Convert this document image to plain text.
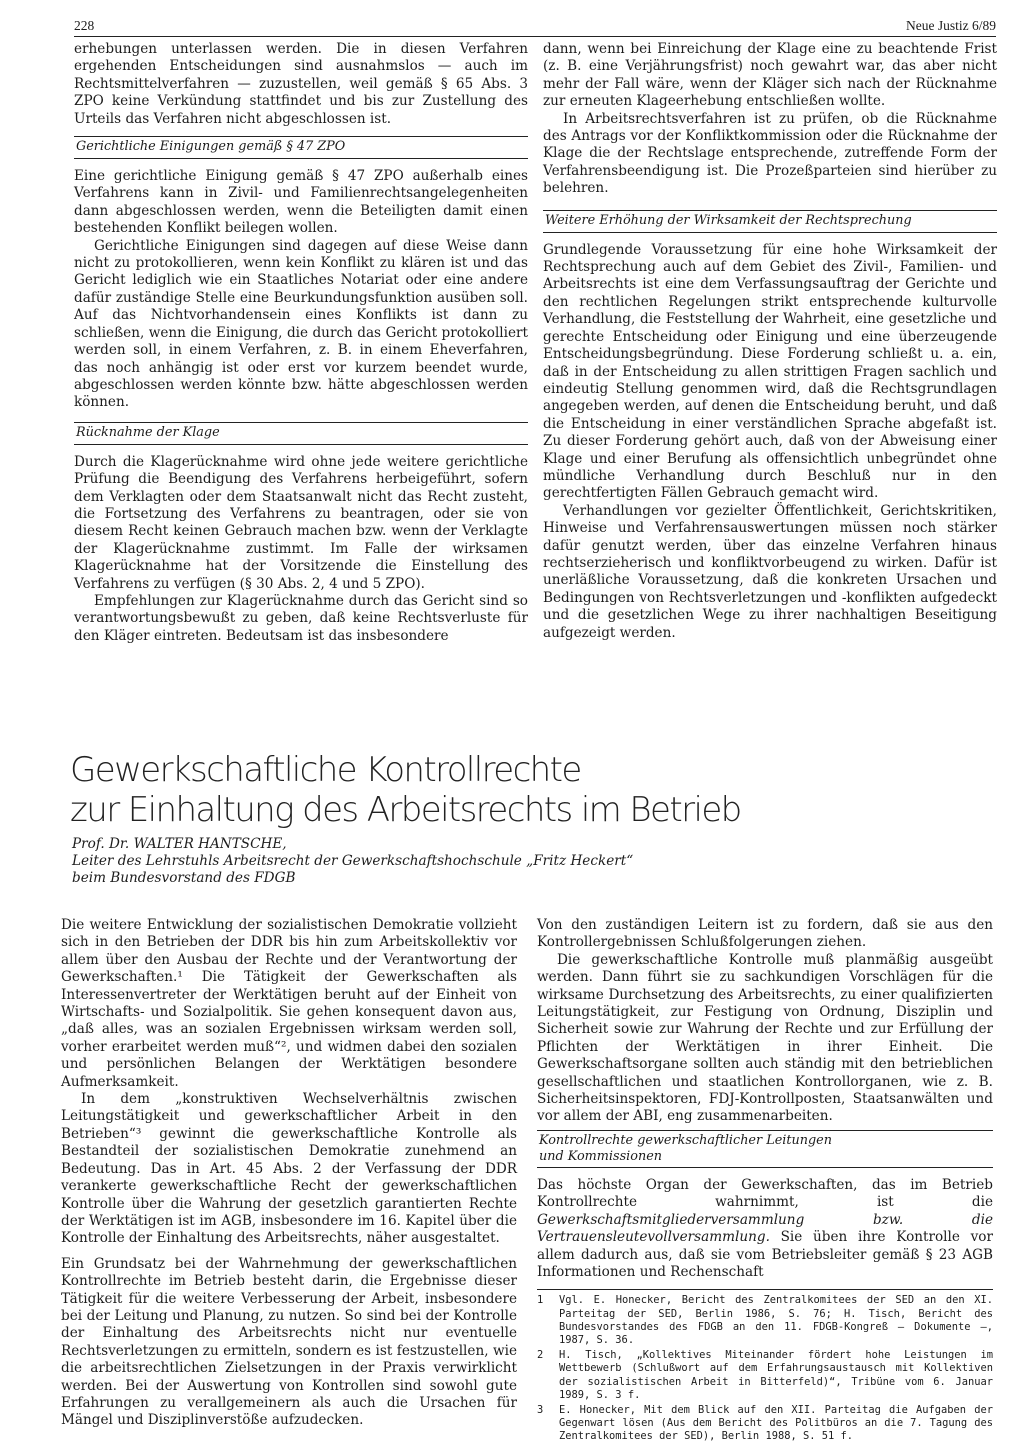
228	Neue Justiz 6/89

erhebungen unterlassen werden. Die in diesen Verfahren ergehenden Entscheidungen sind ausnahmslos — auch im Rechtsmittelverfahren — zuzustellen, weil gemäß § 65 Abs. 3 ZPO keine Verkündung stattfindet und bis zur Zustellung des Urteils das Verfahren nicht abgeschlossen ist.

Gerichtliche Einigungen gemäß § 47 ZPO

Eine gerichtliche Einigung gemäß § 47 ZPO außerhalb eines Verfahrens kann in Zivil- und Familienrechtsangelegenheiten dann abgeschlossen werden, wenn die Beteiligten damit einen bestehenden Konflikt beilegen wollen.

Gerichtliche Einigungen sind dagegen auf diese Weise dann nicht zu protokollieren, wenn kein Konflikt zu klären ist und das Gericht lediglich wie ein Staatliches Notariat oder eine andere dafür zuständige Stelle eine Beurkundungsfunktion ausüben soll. Auf das Nichtvorhandensein eines Konflikts ist dann zu schließen, wenn die Einigung, die durch das Gericht protokolliert werden soll, in einem Verfahren, z. B. in einem Eheverfahren, das noch anhängig ist oder erst vor kurzem beendet wurde, abgeschlossen werden könnte bzw. hätte abgeschlossen werden können.

Rücknahme der Klage

Durch die Klagerücknahme wird ohne jede weitere gerichtliche Prüfung die Beendigung des Verfahrens herbeigeführt, sofern dem Verklagten oder dem Staatsanwalt nicht das Recht zusteht, die Fortsetzung des Verfahrens zu beantragen, oder sie von diesem Recht keinen Gebrauch machen bzw. wenn der Verklagte der Klagerücknahme zustimmt. Im Falle der wirksamen Klagerücknahme hat der Vorsitzende die Einstellung des Verfahrens zu verfügen (§ 30 Abs. 2, 4 und 5 ZPO).

Empfehlungen zur Klagerücknahme durch das Gericht sind so verantwortungsbewußt zu geben, daß keine Rechtsverluste für den Kläger eintreten. Bedeutsam ist das insbesondere

dann, wenn bei Einreichung der Klage eine zu beachtende Frist (z. B. eine Verjährungsfrist) noch gewahrt war, das aber nicht mehr der Fall wäre, wenn der Kläger sich nach der Rücknahme zur erneuten Klageerhebung entschließen wollte.

In Arbeitsrechtsverfahren ist zu prüfen, ob die Rücknahme des Antrags vor der Konfliktkommission oder die Rücknahme der Klage die der Rechtslage entsprechende, zutreffende Form der Verfahrensbeendigung ist. Die Prozeßparteien sind hierüber zu belehren.

Weitere Erhöhung der Wirksamkeit der Rechtsprechung

Grundlegende Voraussetzung für eine hohe Wirksamkeit der Rechtsprechung auch auf dem Gebiet des Zivil-, Familien- und Arbeitsrechts ist eine dem Verfassungsauftrag der Gerichte und den rechtlichen Regelungen strikt entsprechende kulturvolle Verhandlung, die Feststellung der Wahrheit, eine gesetzliche und gerechte Entscheidung oder Einigung und eine überzeugende Entscheidungsbegründung. Diese Forderung schließt u. a. ein, daß in der Entscheidung zu allen strittigen Fragen sachlich und eindeutig Stellung genommen wird, daß die Rechtsgrundlagen angegeben werden, auf denen die Entscheidung beruht, und daß die Entscheidung in einer verständlichen Sprache abgefaßt ist. Zu dieser Forderung gehört auch, daß von der Abweisung einer Klage und einer Berufung als offensichtlich unbegründet ohne mündliche Verhandlung durch Beschluß nur in den gerechtfertigten Fällen Gebrauch gemacht wird.

Verhandlungen vor gezielter Öffentlichkeit, Gerichtskritiken, Hinweise und Verfahrensauswertungen müssen noch stärker dafür genutzt werden, über das einzelne Verfahren hinaus rechtserzieherisch und konfliktvorbeugend zu wirken. Dafür ist unerläßliche Voraussetzung, daß die konkreten Ursachen und Bedingungen von Rechtsverletzungen und -konflikten aufgedeckt und die gesetzlichen Wege zu ihrer nachhaltigen Beseitigung aufgezeigt werden.

Gewerkschaftliche Kontrollrechte
zur Einhaltung des Arbeitsrechts im Betrieb
Prof. Dr. WALTER HANTSCHE,
Leiter des Lehrstuhls Arbeitsrecht der Gewerkschaftshochschule „Fritz Heckert“
beim Bundesvorstand des FDGB

Die weitere Entwicklung der sozialistischen Demokratie vollzieht sich in den Betrieben der DDR bis hin zum Arbeitskollektiv vor allem über den Ausbau der Rechte und der Verantwortung der Gewerkschaften.¹ Die Tätigkeit der Gewerkschaften als Interessenvertreter der Werktätigen beruht auf der Einheit von Wirtschafts- und Sozialpolitik. Sie gehen konsequent davon aus, „daß alles, was an sozialen Ergebnissen wirksam werden soll, vorher erarbeitet werden muß“², und widmen dabei den sozialen und persönlichen Belangen der Werktätigen besondere Aufmerksamkeit.

In dem „konstruktiven Wechselverhältnis zwischen Leitungstätigkeit und gewerkschaftlicher Arbeit in den Betrieben“³ gewinnt die gewerkschaftliche Kontrolle als Bestandteil der sozialistischen Demokratie zunehmend an Bedeutung. Das in Art. 45 Abs. 2 der Verfassung der DDR verankerte gewerkschaftliche Recht der gewerkschaftlichen Kontrolle über die Wahrung der gesetzlich garantierten Rechte der Werktätigen ist im AGB, insbesondere im 16. Kapitel über die Kontrolle der Einhaltung des Arbeitsrechts, näher ausgestaltet.

Ein Grundsatz bei der Wahrnehmung der gewerkschaftlichen Kontrollrechte im Betrieb besteht darin, die Ergebnisse dieser Tätigkeit für die weitere Verbesserung der Arbeit, insbesondere bei der Leitung und Planung, zu nutzen. So sind bei der Kontrolle der Einhaltung des Arbeitsrechts nicht nur eventuelle Rechtsverletzungen zu ermitteln, sondern es ist festzustellen, wie die arbeitsrechtlichen Zielsetzungen in der Praxis verwirklicht werden. Bei der Auswertung von Kontrollen sind sowohl gute Erfahrungen zu verallgemeinern als auch die Ursachen für Mängel und Disziplinverstöße aufzudecken.

Von den zuständigen Leitern ist zu fordern, daß sie aus den Kontrollergebnissen Schlußfolgerungen ziehen.

Die gewerkschaftliche Kontrolle muß planmäßig ausgeübt werden. Dann führt sie zu sachkundigen Vorschlägen für die wirksame Durchsetzung des Arbeitsrechts, zu einer qualifizierten Leitungstätigkeit, zur Festigung von Ordnung, Disziplin und Sicherheit sowie zur Wahrung der Rechte und zur Erfüllung der Pflichten der Werktätigen in ihrer Einheit. Die Gewerkschaftsorgane sollten auch ständig mit den betrieblichen gesellschaftlichen und staatlichen Kontrollorganen, wie z. B. Sicherheitsinspektoren, FDJ-Kontrollposten, Staatsanwälten und vor allem der ABI, eng zusammenarbeiten.

Kontrollrechte gewerkschaftlicher Leitungen
und Kommissionen

Das höchste Organ der Gewerkschaften, das im Betrieb Kontrollrechte wahrnimmt, ist die Gewerkschaftsmitgliederversammlung bzw. die Vertrauensleutevollversammlung. Sie üben ihre Kontrolle vor allem dadurch aus, daß sie vom Betriebsleiter gemäß § 23 AGB Informationen und Rechenschaft

1	Vgl. E. Honecker, Bericht des Zentralkomitees der SED an den XI. Parteitag der SED, Berlin 1986, S. 76; H. Tisch, Bericht des Bundesvorstandes des FDGB an den 11. FDGB-Kongreß – Dokumente –, 1987, S. 36.
2	H. Tisch, „Kollektives Miteinander fördert hohe Leistungen im Wettbewerb (Schlußwort auf dem Erfahrungsaustausch mit Kollektiven der sozialistischen Arbeit in Bitterfeld)“, Tribüne vom 6. Januar 1989, S. 3 f.
3	E. Honecker, Mit dem Blick auf den XII. Parteitag die Aufgaben der Gegenwart lösen (Aus dem Bericht des Politbüros an die 7. Tagung des Zentralkomitees der SED), Berlin 1988, S. 51 f.
